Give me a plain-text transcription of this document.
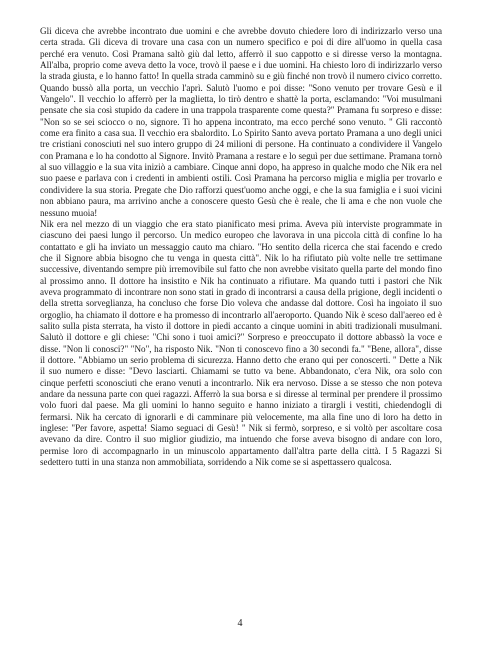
Gli diceva che avrebbe incontrato due uomini e che avrebbe dovuto chiedere loro di indirizzarlo verso una certa strada. Gli diceva di trovare una casa con un numero specifico e poi di dire all'uomo in quella casa perché era venuto. Così Pramana saltò giù dal letto, afferrò il suo cappotto e si diresse verso la montagna. All'alba, proprio come aveva detto la voce, trovò il paese e i due uomini. Ha chiesto loro di indirizzarlo verso la strada giusta, e lo hanno fatto! In quella strada camminò su e giù finché non trovò il numero civico corretto. Quando bussò alla porta, un vecchio l'aprì. Salutò l'uomo e poi disse: "Sono venuto per trovare Gesù e il Vangelo". Il vecchio lo afferrò per la maglietta, lo tirò dentro e shattè la porta, esclamando: "Voi musulmani pensate che sia così stupido da cadere in una trappola trasparente come questa?" Pramana fu sorpreso e disse: "Non so se sei sciocco o no, signore. Ti ho appena incontrato, ma ecco perché sono venuto. " Gli raccontò come era finito a casa sua. Il vecchio era sbalordito. Lo Spirito Santo aveva portato Pramana a uno degli unici tre cristiani conosciuti nel suo intero gruppo di 24 milioni di persone. Ha continuato a condividere il Vangelo con Pramana e lo ha condotto al Signore. Invitò Pramana a restare e lo seguì per due settimane. Pramana tornò al suo villaggio e la sua vita iniziò a cambiare. Cinque anni dopo, ha appreso in qualche modo che Nik era nel suo paese e parlava con i credenti in ambienti ostili. Così Pramana ha percorso miglia e miglia per trovarlo e condividere la sua storia. Pregate che Dio rafforzi quest'uomo anche oggi, e che la sua famiglia e i suoi vicini non abbiano paura, ma arrivino anche a conoscere questo Gesù che è reale, che li ama e che non vuole che nessuno muoia!

Nik era nel mezzo di un viaggio che era stato pianificato mesi prima. Aveva più interviste programmate in ciascuno dei paesi lungo il percorso. Un medico europeo che lavorava in una piccola città di confine lo ha contattato e gli ha inviato un messaggio cauto ma chiaro. "Ho sentito della ricerca che stai facendo e credo che il Signore abbia bisogno che tu venga in questa città". Nik lo ha rifiutato più volte nelle tre settimane successive, diventando sempre più irremovibile sul fatto che non avrebbe visitato quella parte del mondo fino al prossimo anno. Il dottore ha insistito e Nik ha continuato a rifiutare. Ma quando tutti i pastori che Nik aveva programmato di incontrare non sono stati in grado di incontrarsi a causa della prigione, degli incidenti o della stretta sorveglianza, ha concluso che forse Dio voleva che andasse dal dottore. Così ha ingoiato il suo orgoglio, ha chiamato il dottore e ha promesso di incontrarlo all'aeroporto. Quando Nik è sceso dall'aereo ed è salito sulla pista sterrata, ha visto il dottore in piedi accanto a cinque uomini in abiti tradizionali musulmani. Salutò il dottore e gli chiese: "Chi sono i tuoi amici?" Sorpreso e preoccupato il dottore abbassò la voce e disse. "Non li conosci?" "No", ha risposto Nik. "Non ti conoscevo fino a 30 secondi fa." "Bene, allora", disse il dottore. "Abbiamo un serio problema di sicurezza. Hanno detto che erano qui per conoscerti. " Dette a Nik il suo numero e disse: "Devo lasciarti. Chiamami se tutto va bene. Abbandonato, c'era Nik, ora solo con cinque perfetti sconosciuti che erano venuti a incontrarlo. Nik era nervoso. Disse a se stesso che non poteva andare da nessuna parte con quei ragazzi. Afferrò la sua borsa e si diresse al terminal per prendere il prossimo volo fuori dal paese. Ma gli uomini lo hanno seguito e hanno iniziato a tirargli i vestiti, chiedendogli di fermarsi. Nik ha cercato di ignorarli e di camminare più velocemente, ma alla fine uno di loro ha detto in inglese: "Per favore, aspetta! Siamo seguaci di Gesù! " Nik si fermò, sorpreso, e si voltò per ascoltare cosa avevano da dire. Contro il suo miglior giudizio, ma intuendo che forse aveva bisogno di andare con loro, permise loro di accompagnarlo in un minuscolo appartamento dall'altra parte della città. I 5 Ragazzi Si sedettero tutti in una stanza non ammobiliata, sorridendo a Nik come se si aspettassero qualcosa.

4
